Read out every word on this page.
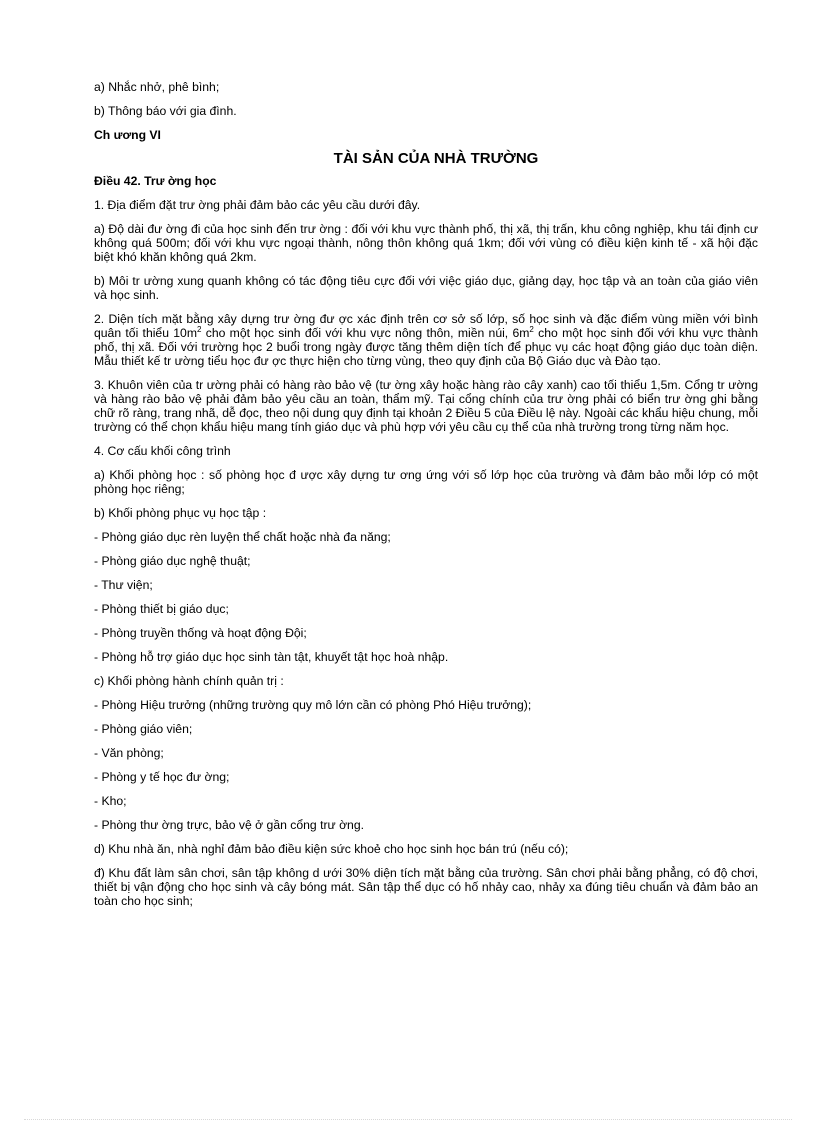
a) Nhắc nhở, phê bình;

b) Thông báo với gia đình.

Ch ương VI

TÀI SẢN CỦA NHÀ TRƯỜNG

Điều 42. Trư ờng học

1. Địa điểm đặt trư ờng phải đảm bảo các yêu cầu dưới đây.

a) Độ dài đư ờng đi của học sinh đến trư ờng : đối với khu vực thành phố, thị xã, thị trấn, khu công nghiệp, khu tái định cư không quá 500m; đối với khu vực ngoại thành, nông thôn không quá 1km; đối với vùng có điều kiện kinh tế - xã hội đặc biệt khó khăn không quá 2km.

b) Môi tr ường xung quanh không có tác động tiêu cực đối với việc giáo dục, giảng dạy, học tập và an toàn của giáo viên và học sinh.

2. Diện tích mặt bằng xây dựng trư ờng đư ợc xác định trên cơ sở số lớp, số học sinh và đặc điểm vùng miền với bình quân tối thiểu $10m^2$ cho một học sinh đối với khu vực nông thôn, miền núi, $6m^2$ cho một học sinh đối với khu vực thành phố, thị xã. Đối với trường học 2 buổi trong ngày được tăng thêm diện tích để phục vụ các hoạt động giáo dục toàn diện. Mẫu thiết kế tr ường tiểu học đư ợc thực hiện cho từng vùng, theo quy định của Bộ Giáo dục và Đào tạo.

3. Khuôn viên của tr ường phải có hàng rào bảo vệ (tư ờng xây hoặc hàng rào cây xanh) cao tối thiểu 1,5m. Cổng tr ường và hàng rào bảo vệ phải đảm bảo yêu cầu an toàn, thẩm mỹ. Tại cổng chính của trư ờng phải có biển trư ờng ghi bằng chữ rõ ràng, trang nhã, dễ đọc, theo nội dung quy định tại khoản 2 Điều 5 của Điều lệ này. Ngoài các khẩu hiệu chung, mỗi trường có thể chọn khẩu hiệu mang tính giáo dục và phù hợp với yêu cầu cụ thể của nhà trường trong từng năm học.

4. Cơ cấu khối công trình

a) Khối phòng học : số phòng học đ ược xây dựng tư ơng ứng với số lớp học của trường và đảm bảo mỗi lớp có một phòng học riêng;

b) Khối phòng phục vụ học tập :

- Phòng giáo dục rèn luyện thể chất hoặc nhà đa năng;

- Phòng giáo dục nghệ thuật;

- Thư viện;

- Phòng thiết bị giáo dục;

- Phòng truyền thống và hoạt động Đội;

- Phòng hỗ trợ giáo dục học sinh tàn tật, khuyết tật học hoà nhập.

c) Khối phòng hành chính quản trị :

- Phòng Hiệu trưởng (những trường quy mô lớn cần có phòng Phó Hiệu trưởng);

- Phòng giáo viên;

- Văn phòng;

- Phòng y tế học đư ờng;

- Kho;

- Phòng thư ờng trực, bảo vệ ở gần cổng trư ờng.

d) Khu nhà ăn, nhà nghỉ đảm bảo điều kiện sức khoẻ cho học sinh học bán trú (nếu có);

đ) Khu đất làm sân chơi, sân tập không d ưới 30% diện tích mặt bằng của trường. Sân chơi phải bằng phẳng, có độ chơi, thiết bị vận động cho học sinh và cây bóng mát. Sân tập thể dục có hố nhảy cao, nhảy xa đúng tiêu chuẩn và đảm bảo an toàn cho học sinh;
